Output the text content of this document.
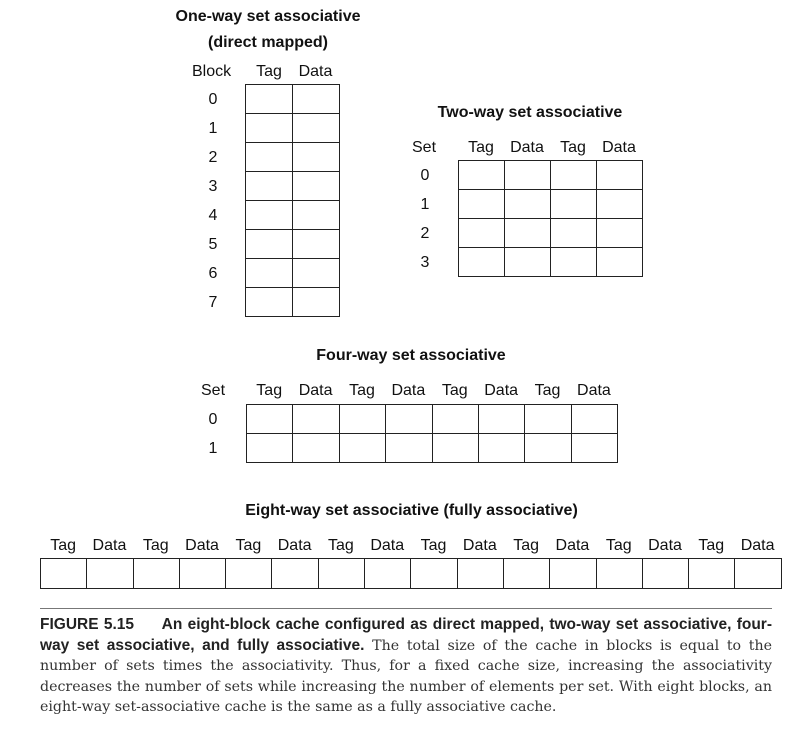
One-way set associative
(direct mapped)
Block	Tag	Data
0
1
2
3
4
5
6
7
Two-way set associative
Set	Tag	Data	Tag	Data
0
1
2
3
Four-way set associative
Set	Tag	Data	Tag	Data	Tag	Data	Tag	Data
0
1
Eight-way set associative (fully associative)
Tag	Data	Tag	Data	Tag	Data	Tag	Data	Tag	Data	Tag	Data	Tag	Data	Tag	Data
FIGURE 5.15 An eight-block cache configured as direct mapped, two-way set associative, four-way set associative, and fully associative. The total size of the cache in blocks is equal to the number of sets times the associativity. Thus, for a fixed cache size, increasing the associativity decreases the number of sets while increasing the number of elements per set. With eight blocks, an eight-way set-associative cache is the same as a fully associative cache.
